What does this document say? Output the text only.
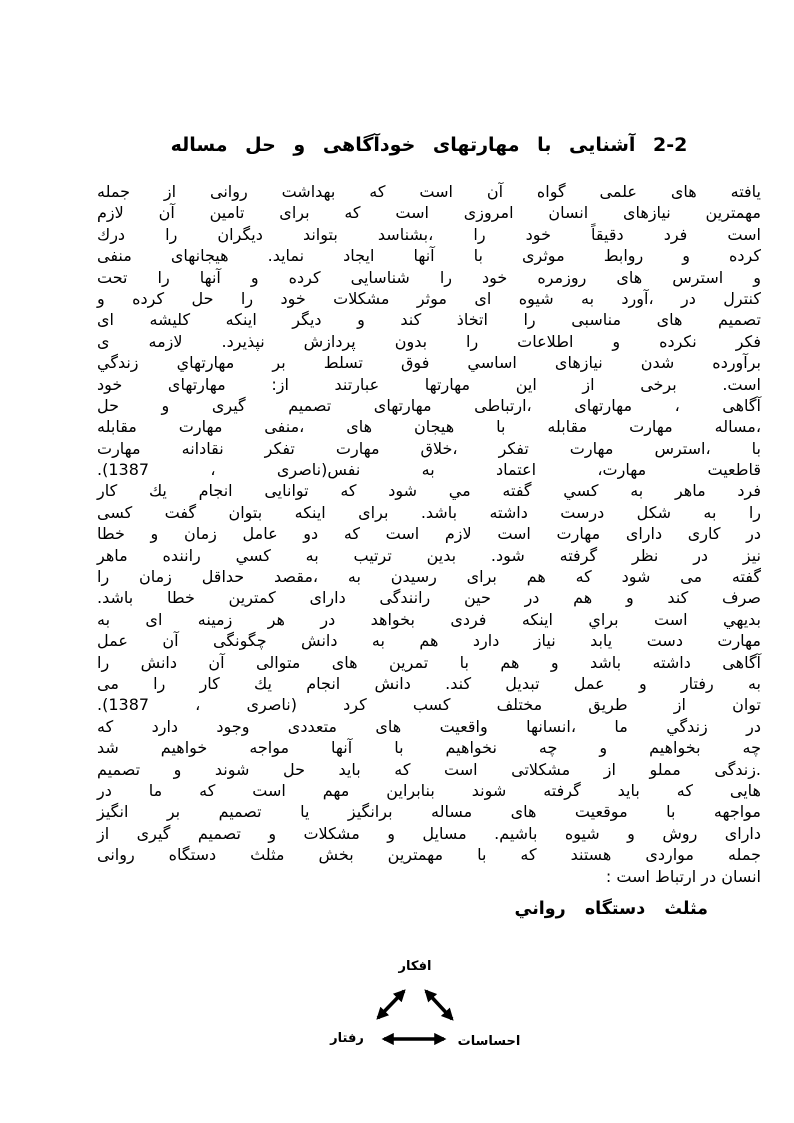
2-2 آشنایی با مهارتهای خودآگاهی و حل مساله
یافته های علمی گواه آن است که بهداشت روانی از جمله
مهمترین نیازهای انسان امروزی است که برای تامین آن لازم
است فرد دقیقاً خود را ،بشناسد بتواند دیگران را درك
کرده و روابط موثری با آنها ایجاد نماید. هیجانهای منفی
و استرس های روزمره خود را شناسایی کرده و آنها را تحت
کنترل در ،آورد به شیوه ای موثر مشکلات خود را حل کرده و
تصمیم های مناسبی را اتخاذ کند و دیگر اینکه کلیشه ای
فکر نکرده و اطلاعات را بدون پردازش نپذیرد. لازمه ی
برآورده شدن نیازهای اساسي فوق تسلط بر مهارتهاي زندگي
است. برخی از این مهارتها عبارتند از: مهارتهای خود
آگاهی ، مهارتهای ،ارتباطی مهارتهای تصمیم گیری و حل
،مساله مهارت مقابله با هیجان های ،منفی مهارت مقابله
با ،استرس مهارت تفکر ،خلاق مهارت تفکر نقادانه مهارت
قاطعیت مهارت، اعتماد به نفس‪(ناصری ، 1387)‬.
فرد ماهر به کسي گفته مي شود که توانایی انجام یك کار
را به شکل درست داشته باشد. برای اینکه بتوان گفت کسی
در کاری دارای مهارت است لازم است که دو عامل زمان و خطا
نیز در نظر گرفته شود. بدین ترتیب به کسي راننده ماهر
گفته می شود که هم برای رسیدن به ،مقصد حداقل زمان را
صرف کند و هم در حین رانندگی دارای کمترین خطا باشد.
بدیهي است براي اینکه فردی بخواهد در هر زمینه ای به
مهارت دست یابد نیاز دارد هم به دانش چگونگی آن عمل
آگاهی داشته باشد و هم با تمرین های متوالی آن دانش را
به رفتار و عمل تبدیل کند. دانش انجام یك کار را می
توان از طریق مختلف کسب کرد (ناصری ، 1387).
در زندگي ما ،انسانها واقعیت های متعددی وجود دارد که
چه بخواهیم و چه نخواهیم با آنها مواجه خواهیم شد
.زندگی مملو از مشکلاتی است که باید حل شوند و تصمیم
هایی که باید گرفته شوند بنابراین مهم است که ما در
مواجهه با موقعیت های مساله برانگیز یا تصمیم بر انگیز
دارای روش و شیوه باشیم. مسایل و مشکلات و تصمیم گیری از
جمله مواردی هستند که با مهمترین بخش مثلث دستگاه روانی
انسان در ارتباط است :
مثلث دستگاه رواني
افکار
رفتار	احساسات
